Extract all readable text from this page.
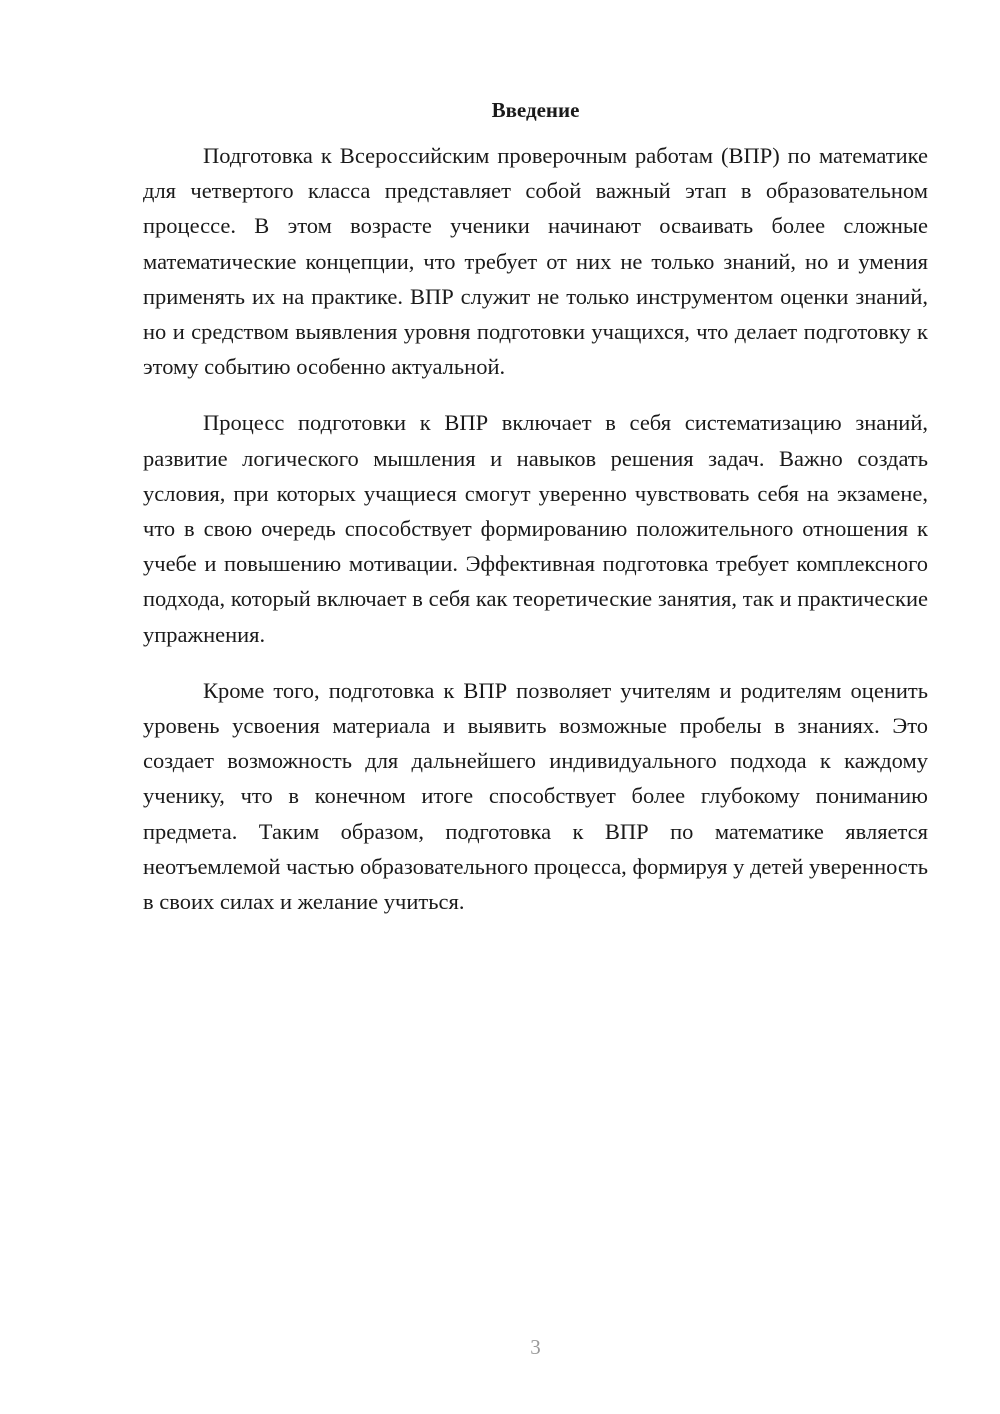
Введение

Подготовка к Всероссийским проверочным работам (ВПР) по математике для четвертого класса представляет собой важный этап в образовательном процессе. В этом возрасте ученики начинают осваивать более сложные математические концепции, что требует от них не только знаний, но и умения применять их на практике. ВПР служит не только инструментом оценки знаний, но и средством выявления уровня подготовки учащихся, что делает подготовку к этому событию особенно актуальной.

Процесс подготовки к ВПР включает в себя систематизацию знаний, развитие логического мышления и навыков решения задач. Важно создать условия, при которых учащиеся смогут уверенно чувствовать себя на экзамене, что в свою очередь способствует формированию положительного отношения к учебе и повышению мотивации. Эффективная подготовка требует комплексного подхода, который включает в себя как теоретические занятия, так и практические упражнения.

Кроме того, подготовка к ВПР позволяет учителям и родителям оценить уровень усвоения материала и выявить возможные пробелы в знаниях. Это создает возможность для дальнейшего индивидуального подхода к каждому ученику, что в конечном итоге способствует более глубокому пониманию предмета. Таким образом, подготовка к ВПР по математике является неотъемлемой частью образовательного процесса, формируя у детей уверенность в своих силах и желание учиться.

3
